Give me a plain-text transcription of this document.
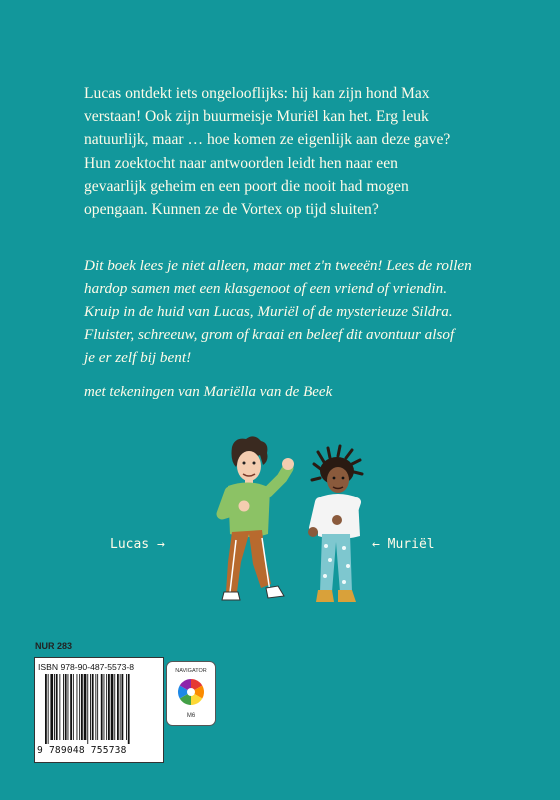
Lucas ontdekt iets ongelooflijks: hij kan zijn hond Max

verstaan! Ook zijn buurmeisje Muriël kan het. Erg leuk

natuurlijk, maar … hoe komen ze eigenlijk aan deze gave?

Hun zoektocht naar antwoorden leidt hen naar een

gevaarlijk geheim en een poort die nooit had mogen

opengaan. Kunnen ze de Vortex op tijd sluiten?

Dit boek lees je niet alleen, maar met z'n tweeën! Lees de rollen
hardop samen met een klasgenoot of een vriend of vriendin.
Kruip in de huid van Lucas, Muriël of de mysterieuze Sildra.
Fluister, schreeuw, grom of kraai en beleef dit avontuur alsof
je er zelf bij bent!
met tekeningen van Mariëlla van de Beek
Lucas →	← Muriël
NUR 283
ISBN 978-90-487-5573-8
9 789048 755738
NAVIGATOR
M6
